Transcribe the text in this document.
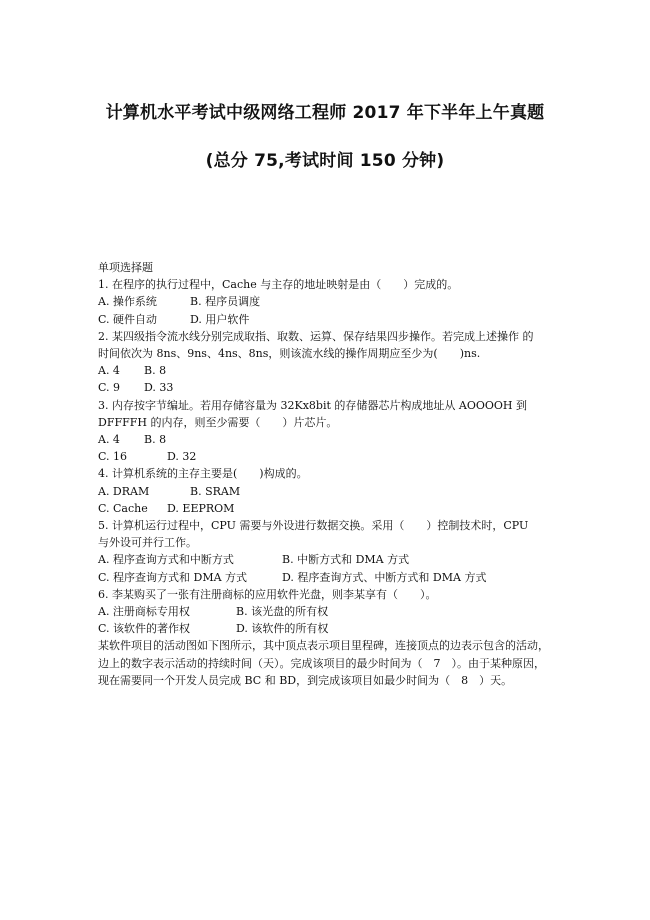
计算机水平考试中级网络工程师 2017 年下半年上午真题
(总分 75,考试时间 150 分钟)
单项选择题
1. 在程序的执行过程中，Cache 与主存的地址映射是由（　　）完成的。
A. 操作系统	B. 程序员调度
C. 硬件自动	D. 用户软件
2. 某四级指令流水线分别完成取指、取数、运算、保存结果四步操作。若完成上述操作 的
时间依次为 8ns、9ns、4ns、8ns，则该流水线的操作周期应至少为(　　)ns.
A. 4 B. 8
C. 9 D. 33
3. 内存按字节编址。若用存储容量为 32Kx8bit 的存储器芯片构成地址从 AOOOOH 到
DFFFFH 的内存，则至少需要（　　）片芯片。
A. 4 B. 8
C. 16	D. 32
4. 计算机系统的主存主要是(　　)构成的。
A. DRAM	B. SRAM
C. Cache D. EEPROM
5. 计算机运行过程中，CPU 需要与外设进行数据交换。采用（　　）控制技术时，CPU
与外设可并行工作。
A. 程序查询方式和中断方式	B. 中断方式和 DMA 方式
C. 程序查询方式和 DMA 方式	D. 程序查询方式、中断方式和 DMA 方式
6. 李某购买了一张有注册商标的应用软件光盘，则李某享有（　　）。
A. 注册商标专用权	B. 该光盘的所有权
C. 该软件的著作权	D. 该软件的所有权
某软件项目的活动图如下图所示，其中顶点表示项目里程碑，连接顶点的边表示包含的活动，
边上的数字表示活动的持续时间（天）。完成该项目的最少时间为（　7　）。由于某种原因，
现在需要同一个开发人员完成 BC 和 BD，到完成该项目如最少时间为（　8　）天。
